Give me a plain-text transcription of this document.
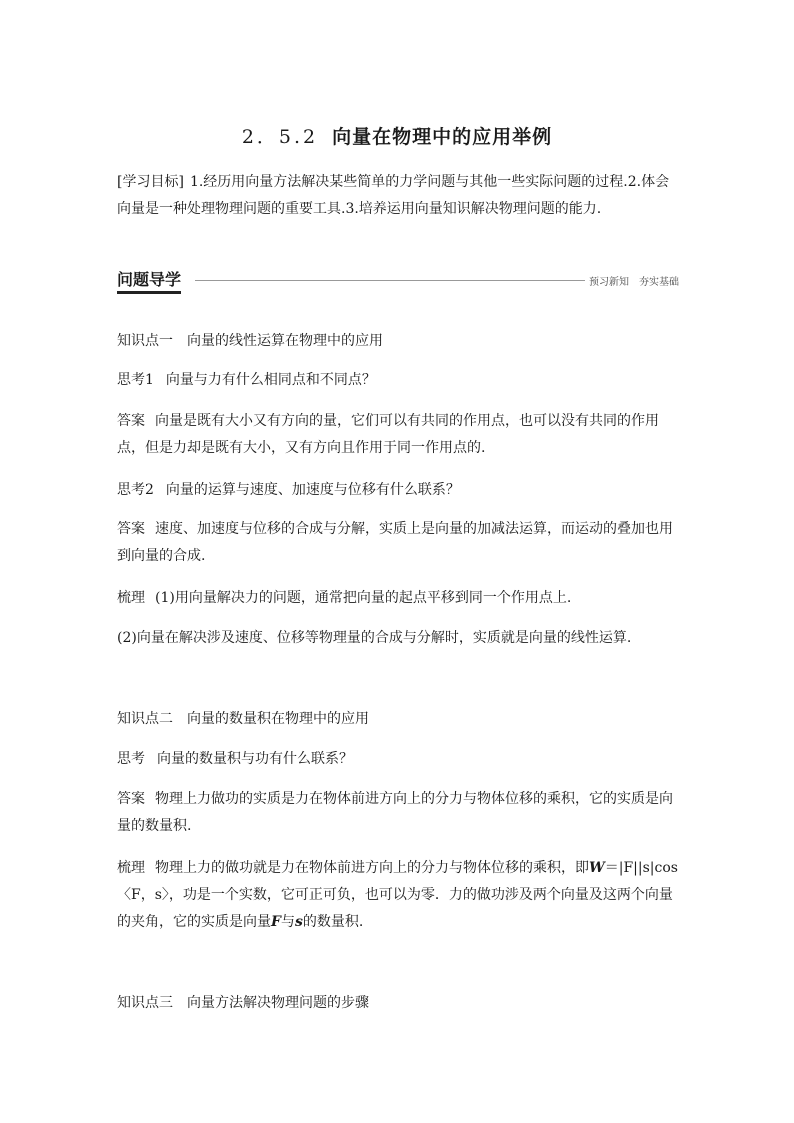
2．5.2 向量在物理中的应用举例
[学习目标] 1.经历用向量方法解决某些简单的力学问题与其他一些实际问题的过程.2.体会向量是一种处理物理问题的重要工具.3.培养运用向量知识解决物理问题的能力.
问题导学	预习新知　夯实基础
知识点一　向量的线性运算在物理中的应用
思考1 向量与力有什么相同点和不同点？
答案 向量是既有大小又有方向的量，它们可以有共同的作用点，也可以没有共同的作用点，但是力却是既有大小，又有方向且作用于同一作用点的.
思考2 向量的运算与速度、加速度与位移有什么联系？
答案 速度、加速度与位移的合成与分解，实质上是向量的加减法运算，而运动的叠加也用到向量的合成.
梳理 (1)用向量解决力的问题，通常把向量的起点平移到同一个作用点上.
(2)向量在解决涉及速度、位移等物理量的合成与分解时，实质就是向量的线性运算.
知识点二　向量的数量积在物理中的应用
思考 向量的数量积与功有什么联系？
答案 物理上力做功的实质是力在物体前进方向上的分力与物体位移的乘积，它的实质是向量的数量积.
梳理 物理上力的做功就是力在物体前进方向上的分力与物体位移的乘积，即W＝|F||s|cos〈F，s〉，功是一个实数，它可正可负，也可以为零．力的做功涉及两个向量及这两个向量的夹角，它的实质是向量F与s的数量积.
知识点三　向量方法解决物理问题的步骤
